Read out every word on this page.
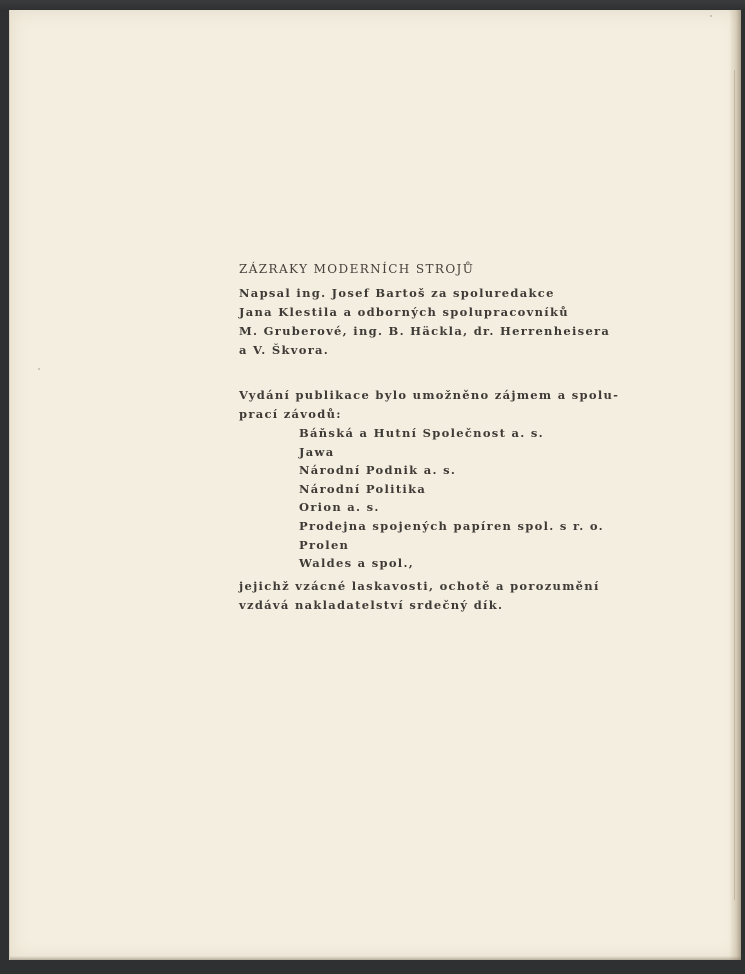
ZÁZRAKY MODERNÍCH STROJŮ

Napsal ing. Josef Bartoš za spoluredakce
Jana Klestila a odborných spolupracovníků
M. Gruberové, ing. B. Häckla, dr. Herrenheisera
a V. Škvora.

Vydání publikace bylo umožněno zájmem a spolu-
prací závodů:

Báňská a Hutní Společnost a. s.
Jawa
Národní Podnik a. s.
Národní Politika
Orion a. s.
Prodejna spojených papíren spol. s r. o.
Prolen
Waldes a spol.,

jejichž vzácné laskavosti, ochotě a porozumění
vzdává nakladatelství srdečný dík.
